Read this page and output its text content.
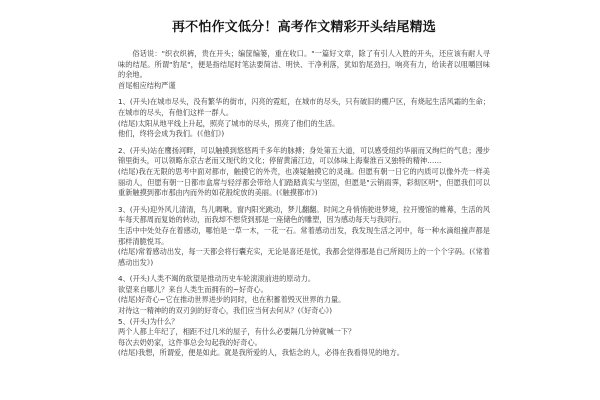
再不怕作文低分！高考作文精彩开头结尾精选

俗话说："织衣织裤，贵在开头；编筐编篓，重在收口。"一篇好文章，除了有引人入胜的开头，还应该有耐人寻味的结尾。所谓"豹尾"，便是指结尾时笔法要简洁、明快、干净利落，犹如豹尾劲扫，响亮有力，给读者以咀嚼回味的余地。

首尾相应结构严谨

1、(开头)在城市尽头，没有繁华的街市，闪亮的霓虹，在城市的尽头，只有破旧的棚户区，有烧起生活风霜的生命；在城市的尽头，有他们这样一群人。

(结尾)太阳从地平线上升起，照亮了城市的尽头，照亮了他们的生活。

他们，终将会成为我们。(《他们》)

2、(开头)站在鹰扬河畔，可以触摸到悠悠两千多年的脉搏；身处第五大道，可以感受纽约华丽而又绚烂的气息；漫步锦里街头，可以领略东京古老而又现代的文化；停留黄浦江边，可以体味上海秦淮百又独特的精神……

(结尾)我在无限的思考中面对都市，触摸它的外壳，也凑疑触摸它的灵魂。但愿有朝一日它的内质可以像外壳一样美丽动人，但愿有朝一日都市盒席与轻浮都会带给人们踏踏真实与坚固，但愿是"云销雨霁，彩彻区明"，但愿我们可以重新触摸到都市那由内而外的如花般绽放的美丽。(《触摸都市》)

3、(开头)迎外风儿清清，鸟儿啁啾。窗内阳光跳动，梦儿翻翻。时间之舟悄悄驶进梦境，拉开馒馆的帷幕，生活的风车每天都周而复始的转动，而我却不想贷到那是一座储色的雕塑，因为感动每天与我同行。

生活中中处处存在着感动，哪怕是一草一木，一花一石。常着感动出发，我发现生活之河中，每一种水滴组撞声都是那样清脆悦耳。

(结尾)常着感动出发，每一天都会将行囊充实，无论是喜还是忧，我都会觉得那是自己所阅历上的一个个字码。(《常着感动出发》)

4、(开头)人类不竭的欲望是推动历史车轮滚滚前进的原动力。

欲望来自哪儿？来自人类生而拥有的~好奇心。

(结尾)好奇心~它在推动世界进步的同时，也在积蓄着毁灭世界的力量。

对待这一精神的的双刃剑的好奇心，我们应当何去何从？(《好奇心》)

5、(开头)为什么？

两个人都上年纪了，相距不过几米的屋子，有什么必要隔几分钟就喊一下？

每次去奶奶家，这件事总会勾起我的好奇心。

(结尾)我想，所谓爱，便是如此。就是我所爱的人，我惦念的人，必得在我看得见的地方。
